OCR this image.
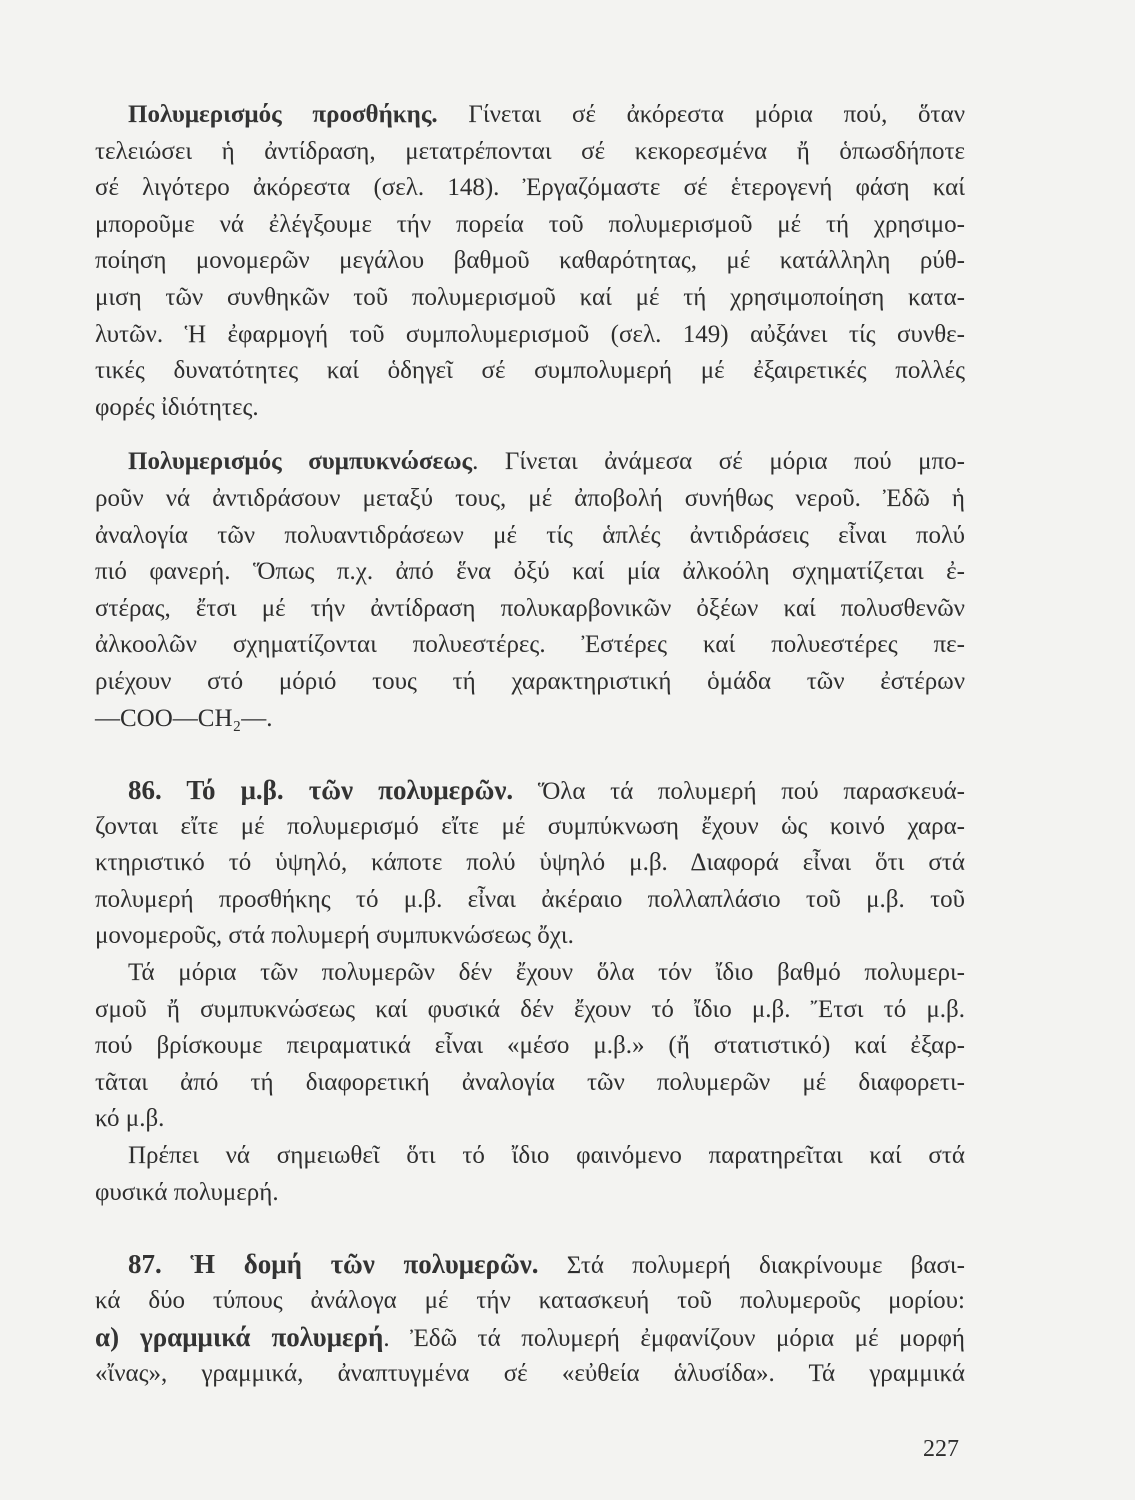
Πολυμερισμός προσθήκης. Γίνεται σέ ἀκόρεστα μόρια πού, ὅταν
τελειώσει ἡ ἀντίδραση, μετατρέπονται σέ κεκορεσμένα ἤ ὁπωσδήποτε
σέ λιγότερο ἀκόρεστα (σελ. 148). Ἐργαζόμαστε σέ ἑτερογενή φάση καί
μποροῦμε νά ἐλέγξουμε τήν πορεία τοῦ πολυμερισμοῦ μέ τή χρησιμο-
ποίηση μονομερῶν μεγάλου βαθμοῦ καθαρότητας, μέ κατάλληλη ρύθ-
μιση τῶν συνθηκῶν τοῦ πολυμερισμοῦ καί μέ τή χρησιμοποίηση κατα-
λυτῶν. Ἡ ἐφαρμογή τοῦ συμπολυμερισμοῦ (σελ. 149) αὐξάνει τίς συνθε-
τικές δυνατότητες καί ὁδηγεῖ σέ συμπολυμερή μέ ἐξαιρετικές πολλές
φορές ἰδιότητες.
Πολυμερισμός συμπυκνώσεως. Γίνεται ἀνάμεσα σέ μόρια πού μπο-
ροῦν νά ἀντιδράσουν μεταξύ τους, μέ ἀποβολή συνήθως νεροῦ. Ἐδῶ ἡ
ἀναλογία τῶν πολυαντιδράσεων μέ τίς ἁπλές ἀντιδράσεις εἶναι πολύ
πιό φανερή. Ὅπως π.χ. ἀπό ἕνα ὀξύ καί μία ἀλκοόλη σχηματίζεται ἐ-
στέρας, ἔτσι μέ τήν ἀντίδραση πολυκαρβονικῶν ὀξέων καί πολυσθενῶν
ἀλκοολῶν σχηματίζονται πολυεστέρες. Ἐστέρες καί πολυεστέρες πε-
ριέχουν στό μόριό τους τή χαρακτηριστική ὁμάδα τῶν ἐστέρων
—COO—CH₂—.
86. Τό μ.β. τῶν πολυμερῶν. Ὅλα τά πολυμερή πού παρασκευά-
ζονται εἴτε μέ πολυμερισμό εἴτε μέ συμπύκνωση ἔχουν ὡς κοινό χαρα-
κτηριστικό τό ὑψηλό, κάποτε πολύ ὑψηλό μ.β. Διαφορά εἶναι ὅτι στά
πολυμερή προσθήκης τό μ.β. εἶναι ἀκέραιο πολλαπλάσιο τοῦ μ.β. τοῦ
μονομεροῦς, στά πολυμερή συμπυκνώσεως ὄχι.
Τά μόρια τῶν πολυμερῶν δέν ἔχουν ὅλα τόν ἴδιο βαθμό πολυμερι-
σμοῦ ἤ συμπυκνώσεως καί φυσικά δέν ἔχουν τό ἴδιο μ.β. Ἔτσι τό μ.β.
πού βρίσκουμε πειραματικά εἶναι «μέσο μ.β.» (ἤ στατιστικό) καί ἐξαρ-
τᾶται ἀπό τή διαφορετική ἀναλογία τῶν πολυμερῶν μέ διαφορετι-
κό μ.β.
Πρέπει νά σημειωθεῖ ὅτι τό ἴδιο φαινόμενο παρατηρεῖται καί στά
φυσικά πολυμερή.
87. Ἡ δομή τῶν πολυμερῶν. Στά πολυμερή διακρίνουμε βασι-
κά δύο τύπους ἀνάλογα μέ τήν κατασκευή τοῦ πολυμεροῦς μορίου:
α) γραμμικά πολυμερή. Ἐδῶ τά πολυμερή ἐμφανίζουν μόρια μέ μορφή
«ἴνας», γραμμικά, ἀναπτυγμένα σέ «εὐθεία ἁλυσίδα». Τά γραμμικά
227
